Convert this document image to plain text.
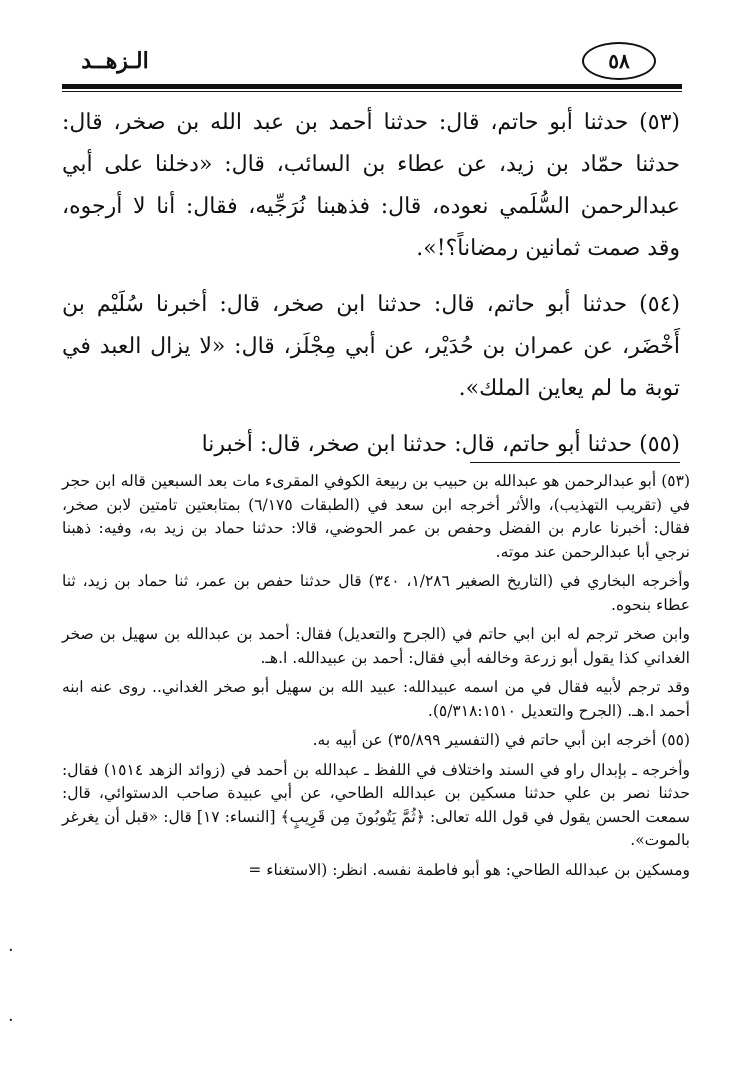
الـزهــد	٥٨

(٥٣) حدثنا أبو حاتم، قال: حدثنا أحمد بن عبد الله بن صخر، قال: حدثنا حمّاد بن زيد، عن عطاء بن السائب، قال: «دخلنا على أبي عبدالرحمن السُّلَمي نعوده، قال: فذهبنا نُرَجِّيه، فقال: أنا لا أرجوه، وقد صمت ثمانين رمضاناً؟!».

(٥٤) حدثنا أبو حاتم، قال: حدثنا ابن صخر، قال: أخبرنا سُلَيْم بن أَخْضَر، عن عمران بن حُدَيْر، عن أبي مِجْلَز، قال: «لا يزال العبد في توبة ما لم يعاين الملك».

(٥٥) حدثنا أبو حاتم، قال: حدثنا ابن صخر، قال: أخبرنا

(٥٣) أبو عبدالرحمن هو عبدالله بن حبيب بن ربيعة الكوفي المقرىء مات بعد السبعين قاله ابن حجر في (تقريب التهذيب)، والأثر أخرجه ابن سعد في (الطبقات ٦/١٧٥) بمتابعتين تامتين لابن صخر، فقال: أخبرنا عارم بن الفضل وحفص بن عمر الحوضي، قالا: حدثنا حماد بن زيد به، وفيه: ذهبنا نرجي أبا عبدالرحمن عند موته.

وأخرجه البخاري في (التاريخ الصغير ١/٢٨٦، ٣٤٠) قال حدثنا حفص بن عمر، ثنا حماد بن زيد، ثنا عطاء بنحوه.

وابن صخر ترجم له ابن ابي حاتم في (الجرح والتعديل) فقال: أحمد بن عبدالله بن سهيل بن صخر الغداني كذا يقول أبو زرعة وخالفه أبي فقال: أحمد بن عبيدالله. ا.هـ.

وقد ترجم لأبيه فقال في من اسمه عبيدالله: عبيد الله بن سهيل أبو صخر الغداني.. روى عنه ابنه أحمد ا.هـ. (الجرح والتعديل ٥/٣١٨:١٥١٠).

(٥٥) أخرجه ابن أبي حاتم في (التفسير ٣٥/٨٩٩) عن أبيه به.

وأخرجه ـ بإبدال راو في السند واختلاف في اللفظ ـ عبدالله بن أحمد في (زوائد الزهد ١٥١٤) فقال: حدثنا نصر بن علي حدثنا مسكين بن عبدالله الطاحي، عن أبي عبيدة صاحب الدستوائي، قال: سمعت الحسن يقول في قول الله تعالى: ﴿ثُمَّ يَتُوبُونَ مِن قَرِيبٍ﴾ [النساء: ١٧] قال: «قبل أن يغرغر بالموت».

ومسكين بن عبدالله الطاحي: هو أبو فاطمة نفسه. انظر: (الاستغناء =

·
·
